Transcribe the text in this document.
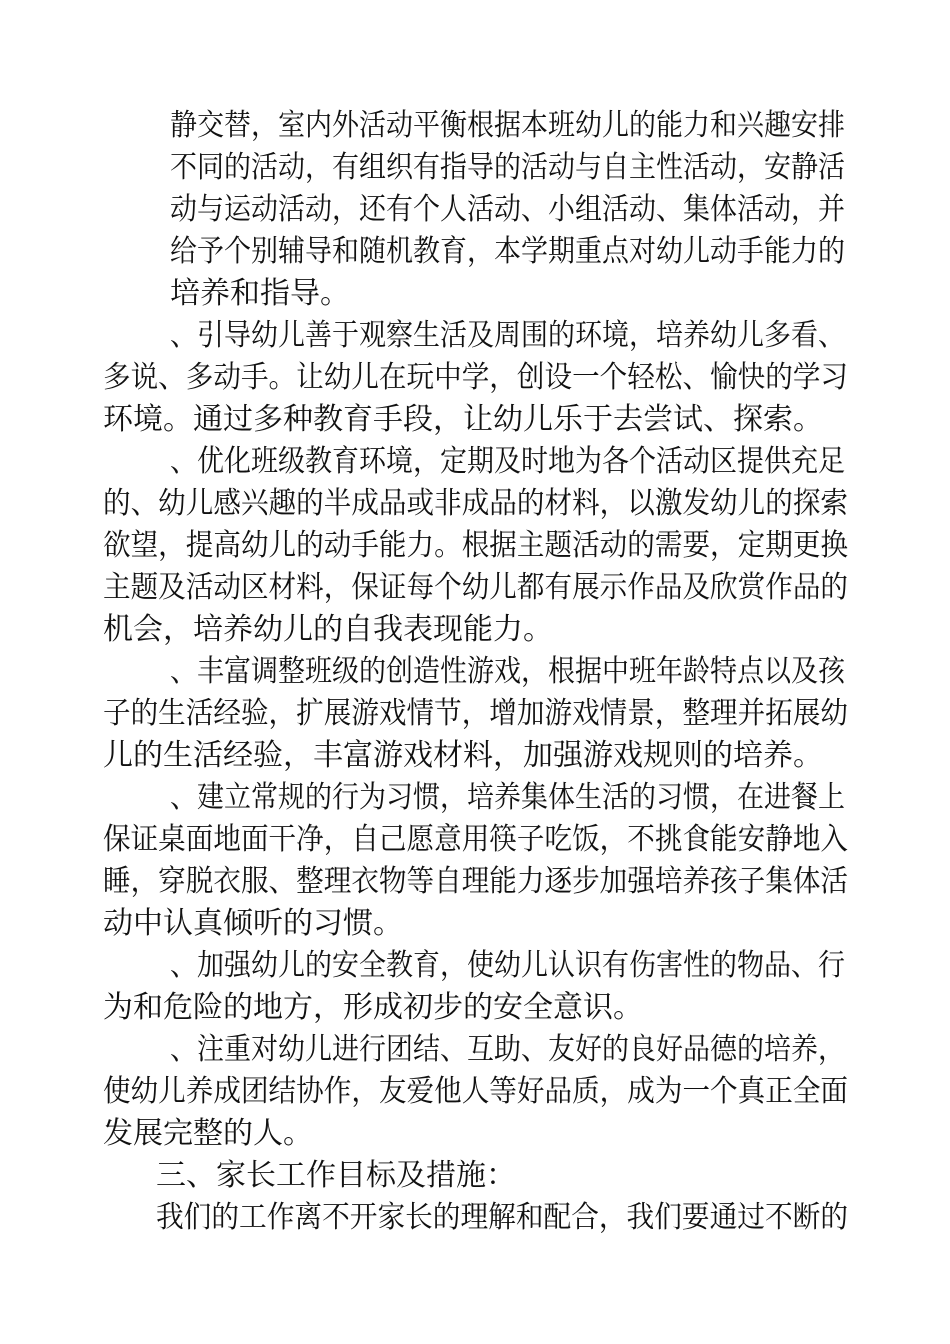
静交替，室内外活动平衡根据本班幼儿的能力和兴趣安排
不同的活动，有组织有指导的活动与自主性活动，安静活
动与运动活动，还有个人活动、小组活动、集体活动，并
给予个别辅导和随机教育，本学期重点对幼儿动手能力的
培养和指导。
、引导幼儿善于观察生活及周围的环境，培养幼儿多看、
多说、多动手。让幼儿在玩中学，创设一个轻松、愉快的学习
环境。通过多种教育手段，让幼儿乐于去尝试、探索。
、优化班级教育环境，定期及时地为各个活动区提供充足
的、幼儿感兴趣的半成品或非成品的材料，以激发幼儿的探索
欲望，提高幼儿的动手能力。根据主题活动的需要，定期更换
主题及活动区材料，保证每个幼儿都有展示作品及欣赏作品的
机会，培养幼儿的自我表现能力。
、丰富调整班级的创造性游戏，根据中班年龄特点以及孩
子的生活经验，扩展游戏情节，增加游戏情景，整理并拓展幼
儿的生活经验，丰富游戏材料，加强游戏规则的培养。
、建立常规的行为习惯，培养集体生活的习惯，在进餐上
保证桌面地面干净，自己愿意用筷子吃饭，不挑食能安静地入
睡，穿脱衣服、整理衣物等自理能力逐步加强培养孩子集体活
动中认真倾听的习惯。
、加强幼儿的安全教育，使幼儿认识有伤害性的物品、行
为和危险的地方，形成初步的安全意识。
、注重对幼儿进行团结、互助、友好的良好品德的培养，
使幼儿养成团结协作，友爱他人等好品质，成为一个真正全面
发展完整的人。
三、家长工作目标及措施：
我们的工作离不开家长的理解和配合，我们要通过不断的
